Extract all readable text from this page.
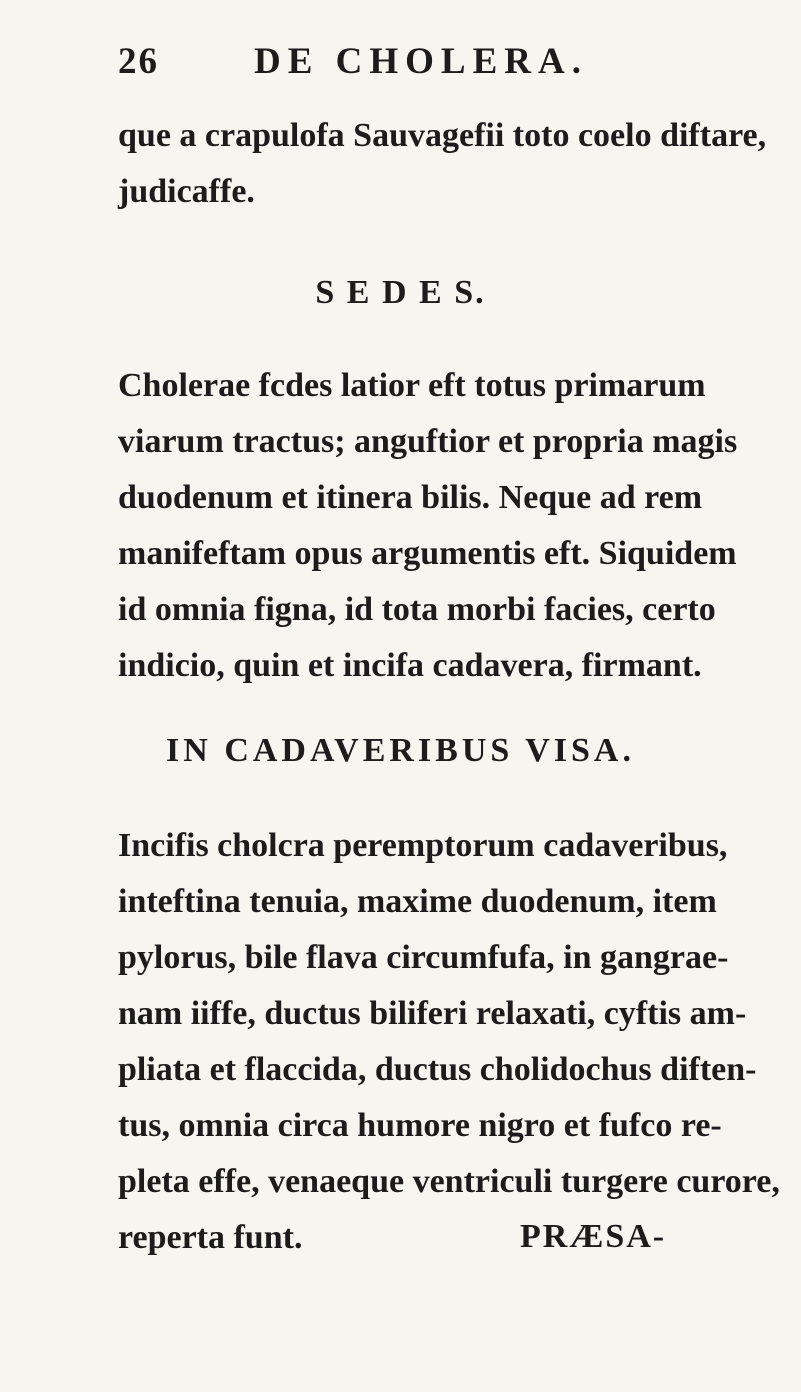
26	DE CHOLERA.
que a crapulofa Sauvagefii toto coelo diftare,
judicaffe.
S E D E S.
Cholerae fcdes latior eft totus primarum
viarum tractus; anguftior et propria magis
duodenum et itinera bilis. Neque ad rem
manifeftam opus argumentis eft. Siquidem
id omnia figna, id tota morbi facies, certo
indicio, quin et incifa cadavera, firmant.
IN CADAVERIBUS VISA.
Incifis cholcra peremptorum cadaveribus,
inteftina tenuia, maxime duodenum, item
pylorus, bile flava circumfufa, in gangrae-
nam iiffe, ductus biliferi relaxati, cyftis am-
pliata et flaccida, ductus cholidochus diften-
tus, omnia circa humore nigro et fufco re-
pleta effe, venaeque ventriculi turgere curore,
reperta funt.	PRÆSA-
